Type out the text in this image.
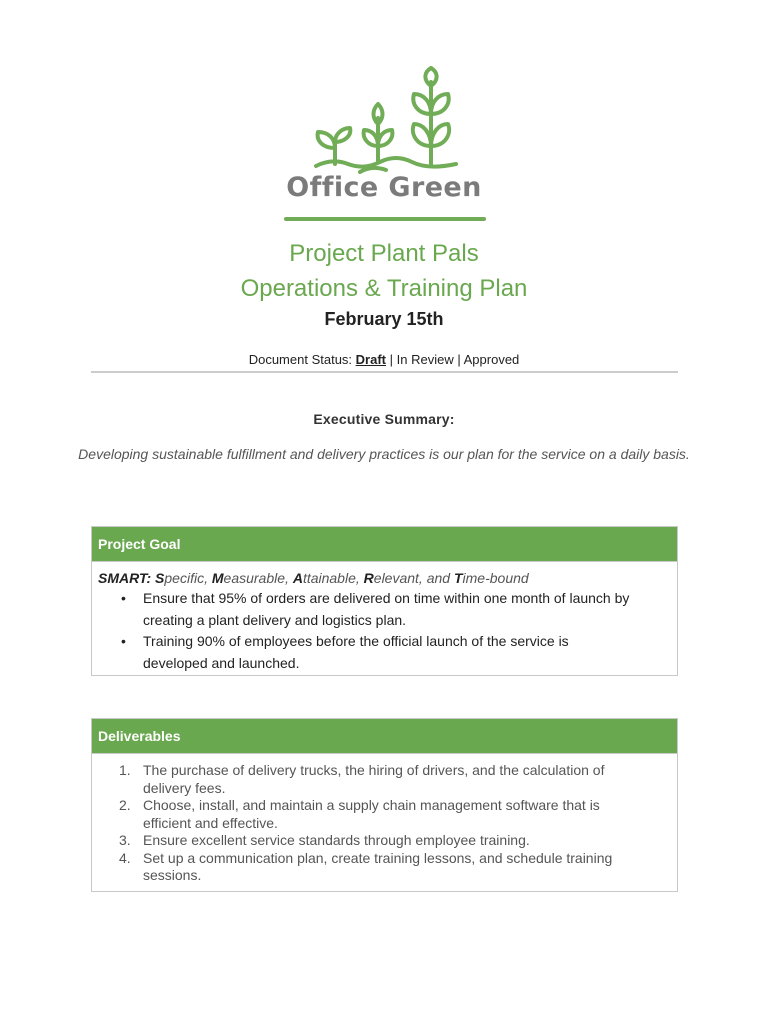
Office Green
Project Plant Pals
Operations & Training Plan
February 15th
Document Status: Draft | In Review | Approved
Executive Summary:
Developing sustainable fulfillment and delivery practices is our plan for the service on a daily basis.
Project Goal
SMART: Specific, Measurable, Attainable, Relevant, and Time-bound
• Ensure that 95% of orders are delivered on time within one month of launch by
creating a plant delivery and logistics plan.
• Training 90% of employees before the official launch of the service is
developed and launched.
Deliverables
1. The purchase of delivery trucks, the hiring of drivers, and the calculation of
delivery fees.
2. Choose, install, and maintain a supply chain management software that is
efficient and effective.
3. Ensure excellent service standards through employee training.
4. Set up a communication plan, create training lessons, and schedule training
sessions.
